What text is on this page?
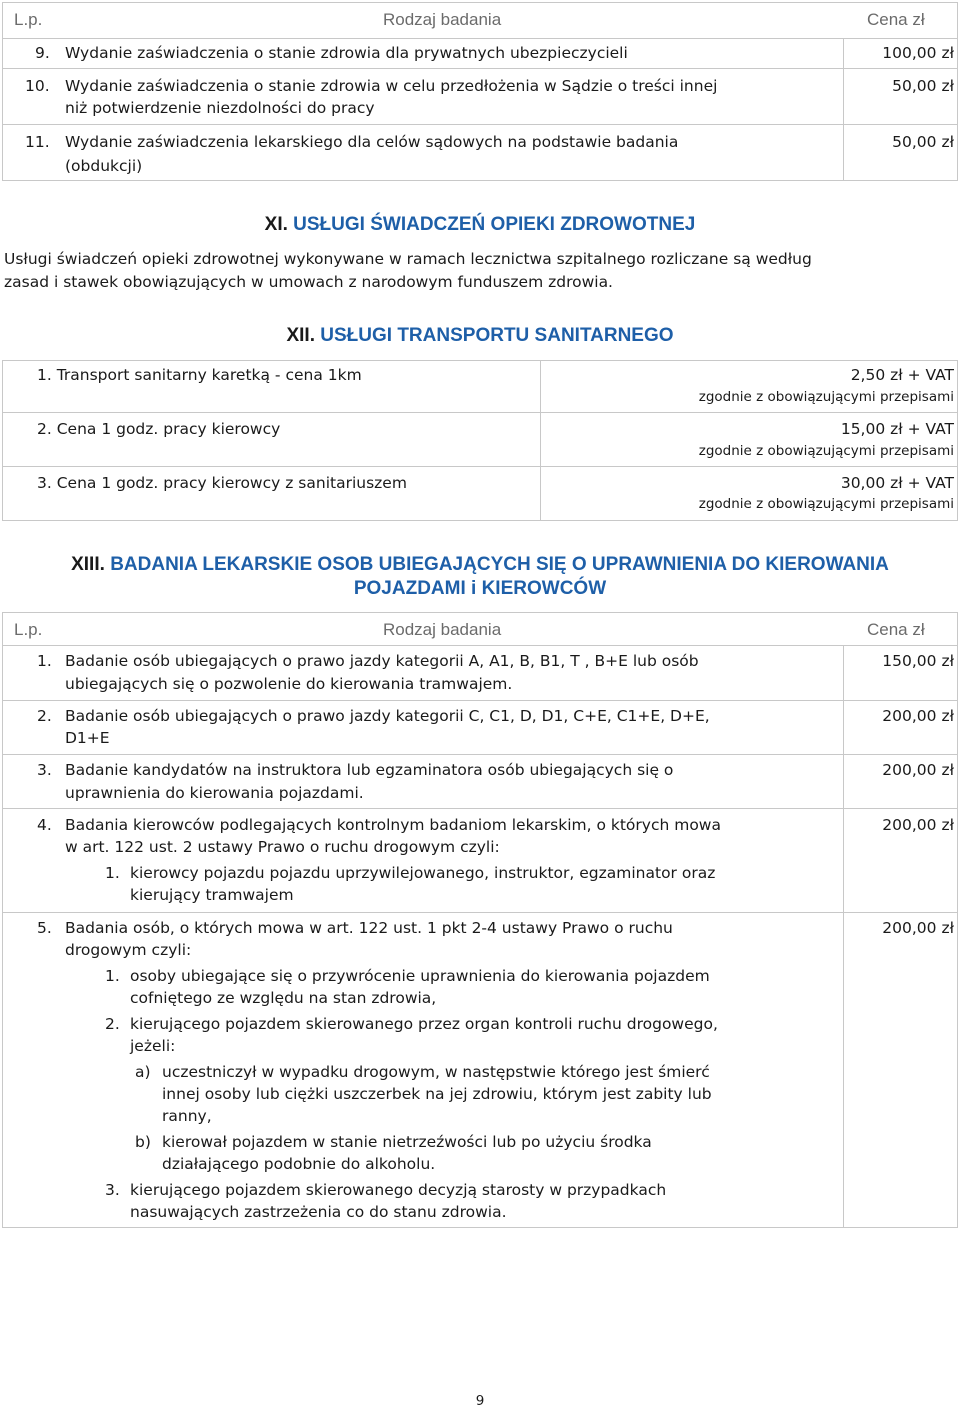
L.p.	Rodzaj badania	Cena zł
9. Wydanie zaświadczenia o stanie zdrowia dla prywatnych ubezpieczycieli	100,00 zł
10. Wydanie zaświadczenia o stanie zdrowia w celu przedłożenia w Sądzie o treści innej
niż potwierdzenie niezdolności do pracy
50,00 zł
11. Wydanie zaświadczenia lekarskiego dla celów sądowych na podstawie badania
(obdukcji)
50,00 zł
XI. USŁUGI ŚWIADCZEŃ OPIEKI ZDROWOTNEJ
Usługi świadczeń opieki zdrowotnej wykonywane w ramach lecznictwa szpitalnego rozliczane są według
zasad i stawek obowiązujących w umowach z narodowym funduszem zdrowia.
XII. USŁUGI TRANSPORTU SANITARNEGO
1. Transport sanitarny karetką - cena 1km	2,50 zł + VAT
zgodnie z obowiązującymi przepisami
2. Cena 1 godz. pracy kierowcy	15,00 zł + VAT
zgodnie z obowiązującymi przepisami
3. Cena 1 godz. pracy kierowcy z sanitariuszem	30,00 zł + VAT
zgodnie z obowiązującymi przepisami
XIII. BADANIA LEKARSKIE OSOB UBIEGAJĄCYCH SIĘ O UPRAWNIENIA DO KIEROWANIA
POJAZDAMI i KIEROWCÓW
L.p.	Rodzaj badania	Cena zł
1. Badanie osób ubiegających o prawo jazdy kategorii A, A1, B, B1, T , B+E lub osób
ubiegających się o pozwolenie do kierowania tramwajem.
150,00 zł
2. Badanie osób ubiegających o prawo jazdy kategorii C, C1, D, D1, C+E, C1+E, D+E,
D1+E
200,00 zł
3. Badanie kandydatów na instruktora lub egzaminatora osób ubiegających się o
uprawnienia do kierowania pojazdami.
200,00 zł
4. Badania kierowców podlegających kontrolnym badaniom lekarskim, o których mowa
w art. 122 ust. 2 ustawy Prawo o ruchu drogowym czyli:
1. kierowcy pojazdu pojazdu uprzywilejowanego, instruktor, egzaminator oraz
kierujący tramwajem
200,00 zł
5. Badania osób, o których mowa w art. 122 ust. 1 pkt 2-4 ustawy Prawo o ruchu
drogowym czyli:
1. osoby ubiegające się o przywrócenie uprawnienia do kierowania pojazdem
cofniętego ze względu na stan zdrowia,
2. kierującego pojazdem skierowanego przez organ kontroli ruchu drogowego,
jeżeli:
a) uczestniczył w wypadku drogowym, w następstwie którego jest śmierć
innej osoby lub ciężki uszczerbek na jej zdrowiu, którym jest zabity lub
ranny,
b) kierował pojazdem w stanie nietrzeźwości lub po użyciu środka
działającego podobnie do alkoholu.
3. kierującego pojazdem skierowanego decyzją starosty w przypadkach
nasuwających zastrzeżenia co do stanu zdrowia.
200,00 zł
9
